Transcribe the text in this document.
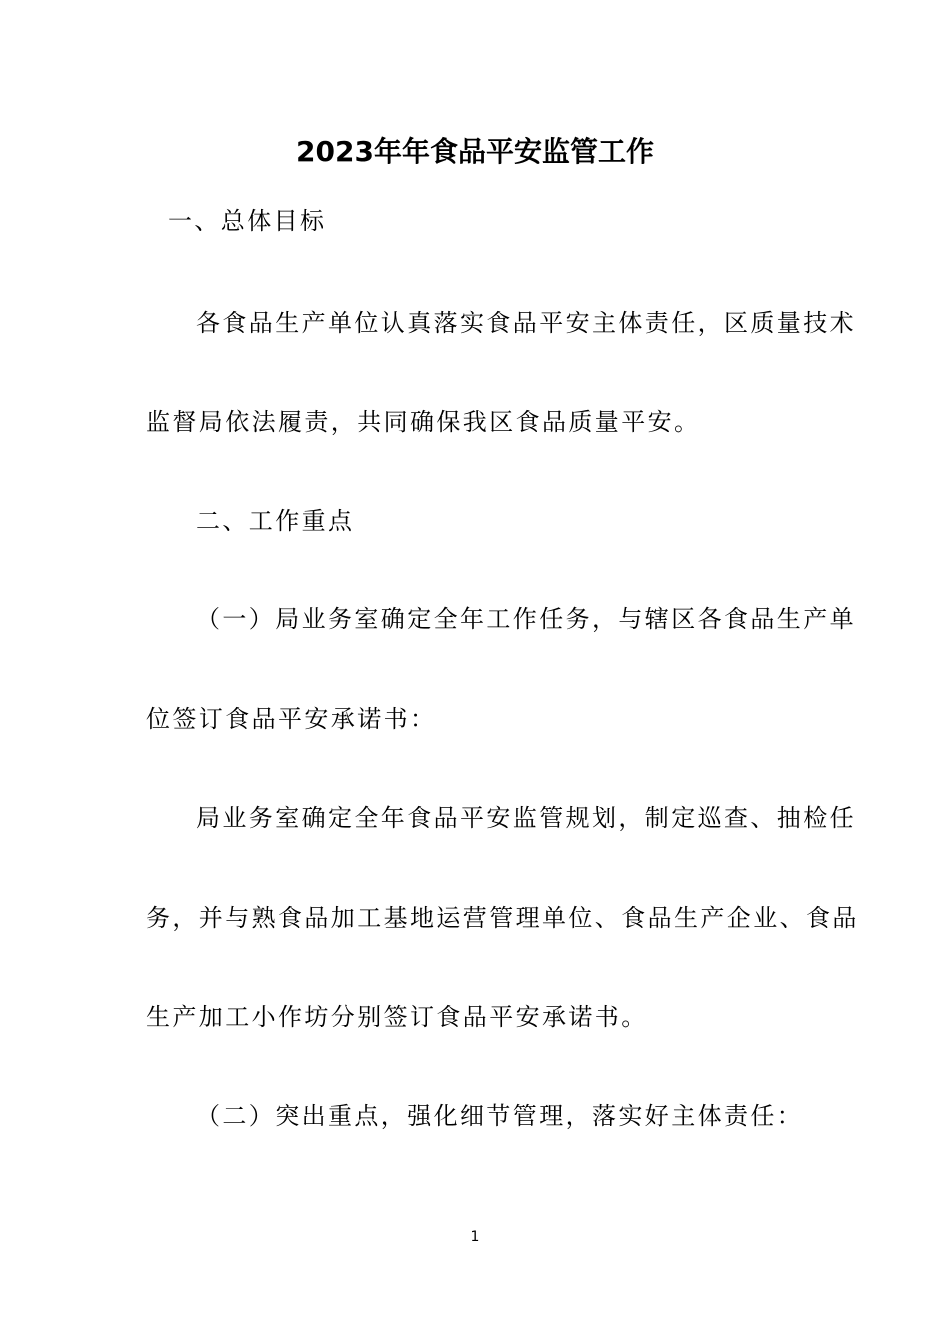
2023年年食品平安监管工作
一、总体目标
各食品生产单位认真落实食品平安主体责任，区质量技术
监督局依法履责，共同确保我区食品质量平安。
二、工作重点
（一）局业务室确定全年工作任务，与辖区各食品生产单
位签订食品平安承诺书：
局业务室确定全年食品平安监管规划，制定巡查、抽检任
务，并与熟食品加工基地运营管理单位、食品生产企业、食品
生产加工小作坊分别签订食品平安承诺书。
（二）突出重点，强化细节管理，落实好主体责任：
1
